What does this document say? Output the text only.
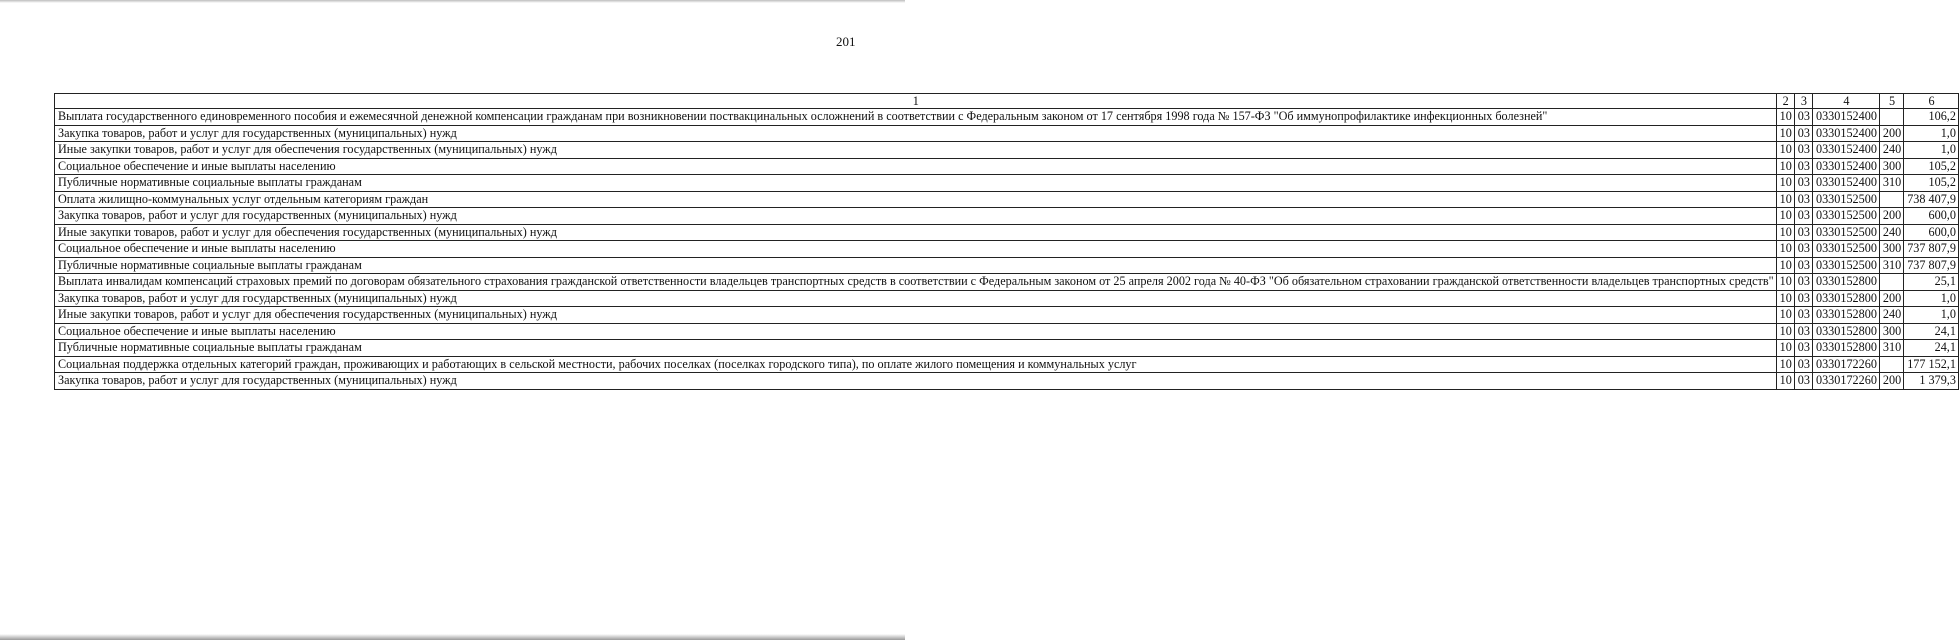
201
1	2	3	4	5	6
Выплата государственного единовременного пособия и ежемесячной денежной компенсации гражданам при возникновении поствакцинальных осложнений в соответствии с Федеральным законом от 17 сентября 1998 года № 157-ФЗ "Об иммунопрофилактике инфекционных болезней"	10	03	0330152400		106,2
Закупка товаров, работ и услуг для государственных (муниципальных) нужд	10	03	0330152400	200	1,0
Иные закупки товаров, работ и услуг для обеспечения государственных (муниципальных) нужд	10	03	0330152400	240	1,0
Социальное обеспечение и иные выплаты населению	10	03	0330152400	300	105,2
Публичные нормативные социальные выплаты гражданам	10	03	0330152400	310	105,2
Оплата жилищно-коммунальных услуг отдельным категориям граждан	10	03	0330152500		738 407,9
Закупка товаров, работ и услуг для государственных (муниципальных) нужд	10	03	0330152500	200	600,0
Иные закупки товаров, работ и услуг для обеспечения государственных (муниципальных) нужд	10	03	0330152500	240	600,0
Социальное обеспечение и иные выплаты населению	10	03	0330152500	300	737 807,9
Публичные нормативные социальные выплаты гражданам	10	03	0330152500	310	737 807,9
Выплата инвалидам компенсаций страховых премий по договорам обязательного страхования гражданской ответственности владельцев транспортных средств в соответствии с Федеральным законом от 25 апреля 2002 года № 40-ФЗ "Об обязательном страховании гражданской ответственности владельцев транспортных средств"	10	03	0330152800		25,1
Закупка товаров, работ и услуг для государственных (муниципальных) нужд	10	03	0330152800	200	1,0
Иные закупки товаров, работ и услуг для обеспечения государственных (муниципальных) нужд	10	03	0330152800	240	1,0
Социальное обеспечение и иные выплаты населению	10	03	0330152800	300	24,1
Публичные нормативные социальные выплаты гражданам	10	03	0330152800	310	24,1
Социальная поддержка отдельных категорий граждан, проживающих и работающих в сельской местности, рабочих поселках (поселках городского типа), по оплате жилого помещения и коммунальных услуг	10	03	0330172260		177 152,1
Закупка товаров, работ и услуг для государственных (муниципальных) нужд	10	03	0330172260	200	1 379,3
